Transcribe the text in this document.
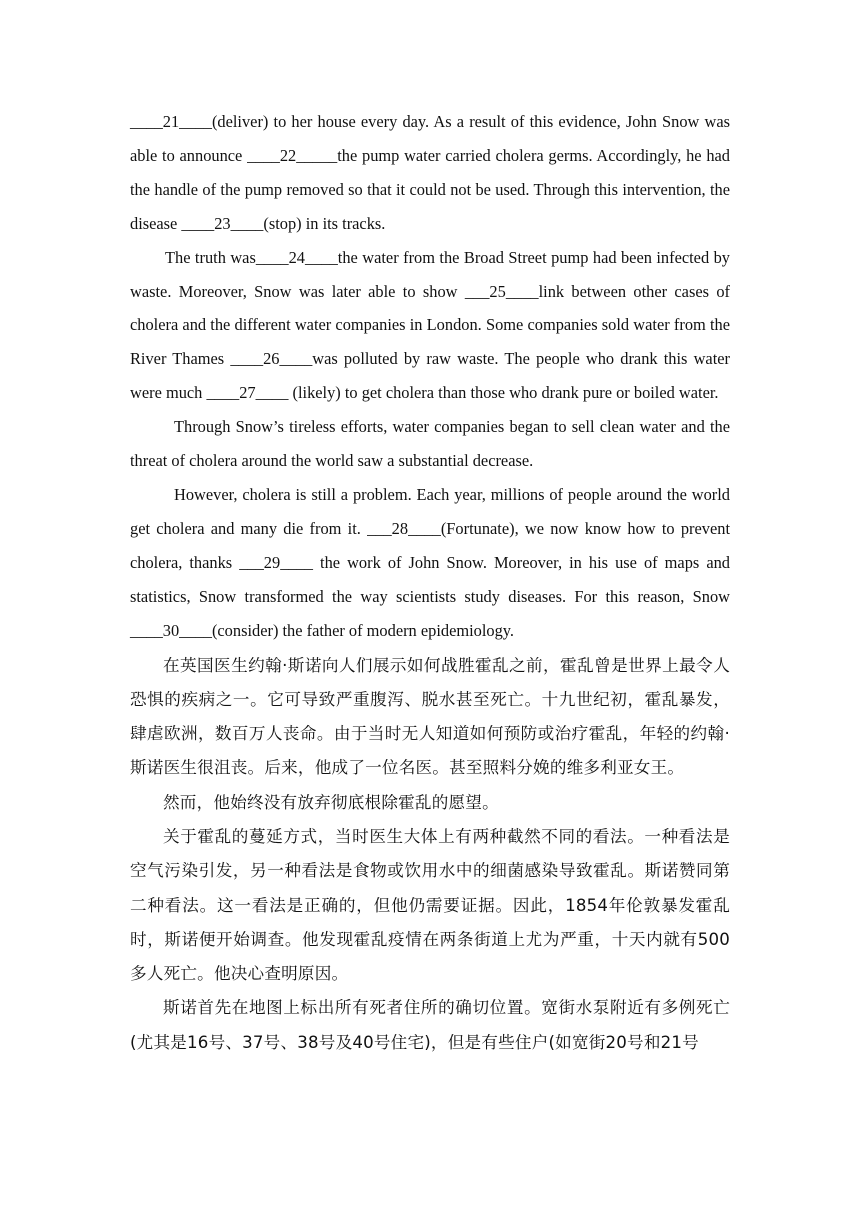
____21____(deliver) to her house every day. As a result of this evidence, John Snow was able to announce ____22_____the pump water carried cholera germs. Accordingly, he had the handle of the pump removed so that it could not be used. Through this intervention, the disease ____23____(stop) in its tracks.

The truth was____24____the water from the Broad Street pump had been infected by waste. Moreover, Snow was later able to show ___25____link between other cases of cholera and the different water companies in London. Some companies sold water from the River Thames ____26____was polluted by raw waste. The people who drank this water were much ____27____ (likely) to get cholera than those who drank pure or boiled water.

Through Snow’s tireless efforts, water companies began to sell clean water and the threat of cholera around the world saw a substantial decrease.

However, cholera is still a problem. Each year, millions of people around the world get cholera and many die from it. ___28____(Fortunate), we now know how to prevent cholera, thanks ___29____ the work of John Snow. Moreover, in his use of maps and statistics, Snow transformed the way scientists study diseases. For this reason, Snow ____30____(consider) the father of modern epidemiology.

在英国医生约翰·斯诺向人们展示如何战胜霍乱之前，霍乱曾是世界上最令人恐惧的疾病之一。它可导致严重腹泻、脱水甚至死亡。十九世纪初，霍乱暴发，肆虐欧洲，数百万人丧命。由于当时无人知道如何预防或治疗霍乱，年轻的约翰·斯诺医生很沮丧。后来，他成了一位名医。甚至照料分娩的维多利亚女王。

然而，他始终没有放弃彻底根除霍乱的愿望。

关于霍乱的蔓延方式，当时医生大体上有两种截然不同的看法。一种看法是空气污染引发，另一种看法是食物或饮用水中的细菌感染导致霍乱。斯诺赞同第二种看法。这一看法是正确的，但他仍需要证据。因此，1854年伦敦暴发霍乱时，斯诺便开始调查。他发现霍乱疫情在两条街道上尤为严重，十天内就有500多人死亡。他决心查明原因。

斯诺首先在地图上标出所有死者住所的确切位置。宽街水泵附近有多例死亡(尤其是16号、37号、38号及40号住宅)，但是有些住户(如宽街20号和21号
